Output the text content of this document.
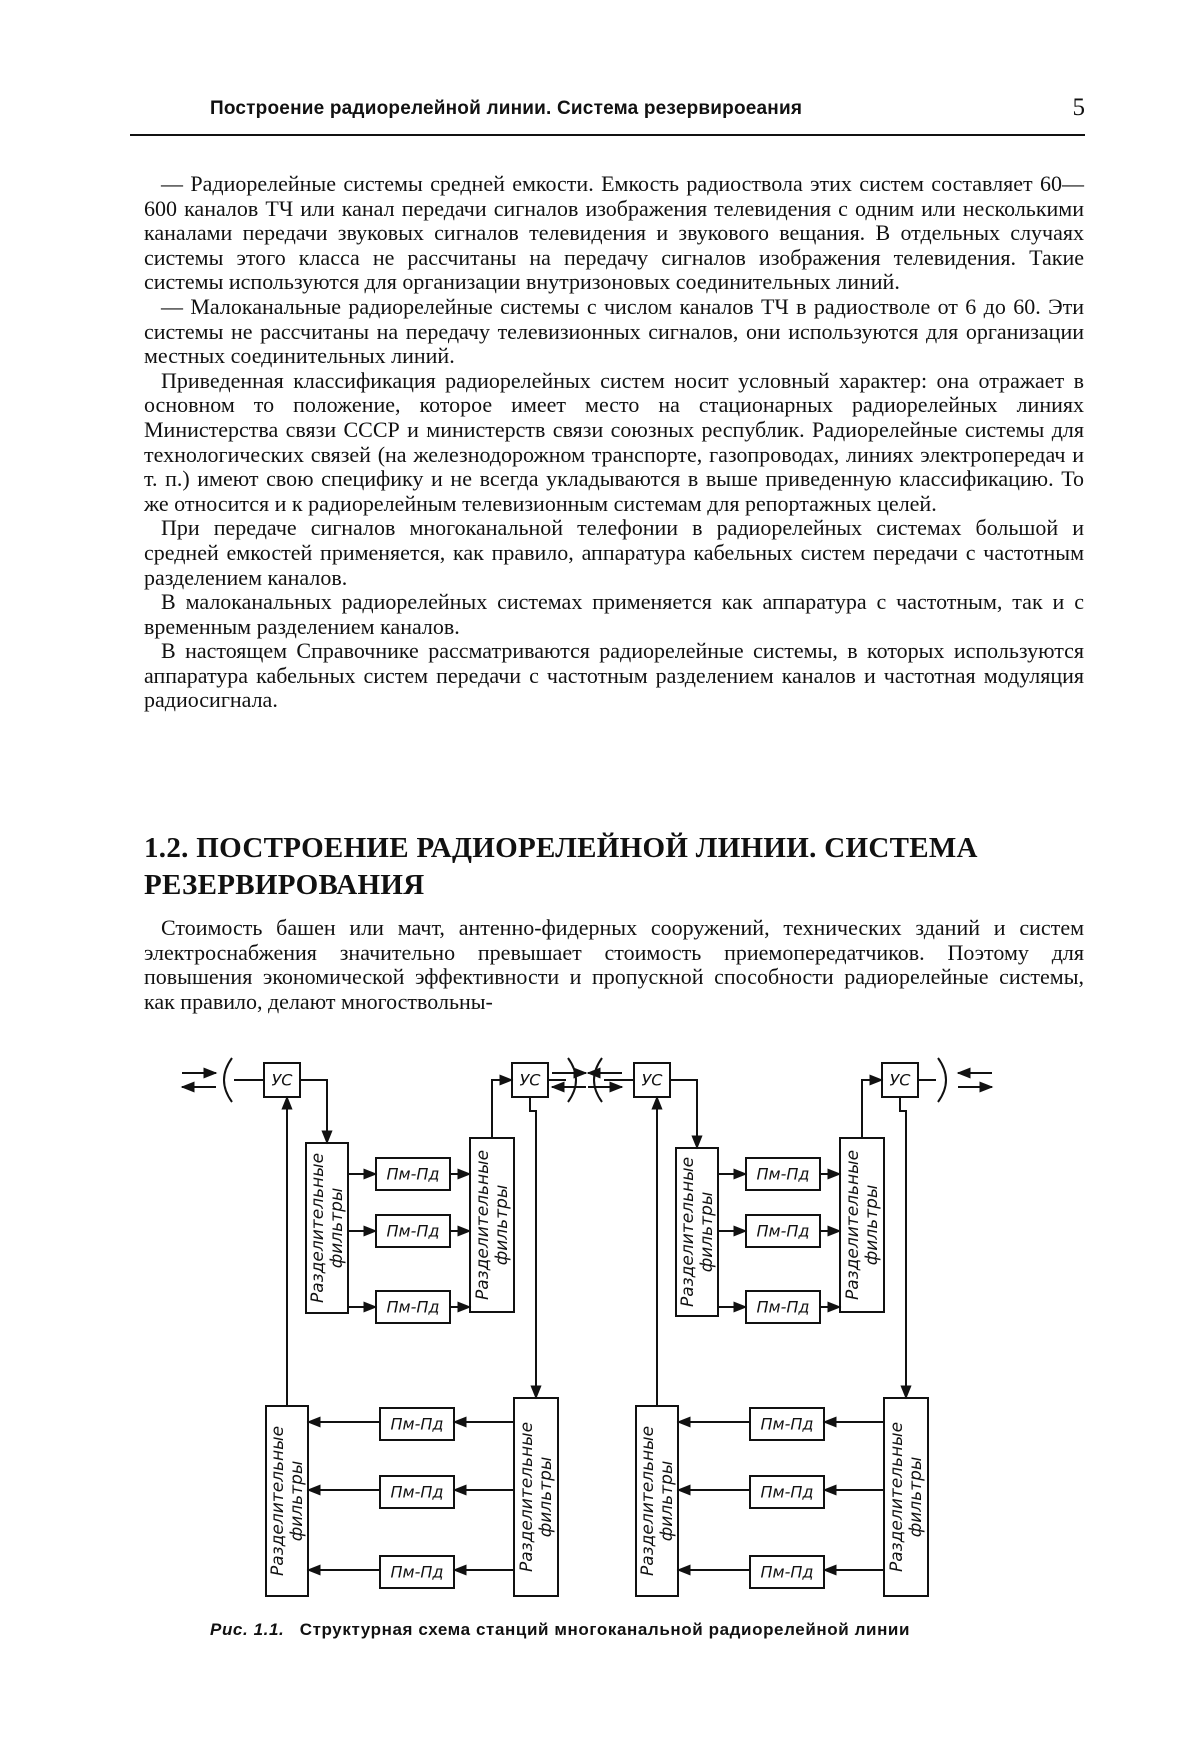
Построение радиорелейной линии. Система резервироеания	5

— Радиорелейные системы средней емкости. Емкость радиоствола этих систем составляет 60—600 каналов ТЧ или канал передачи сигналов изображения телевидения с одним или несколькими каналами передачи звуковых сигналов телевидения и звукового вещания. В отдельных случаях системы этого класса не рассчитаны на передачу сигналов изображения телевидения. Такие системы используются для организации внутризоновых соединительных линий.

— Малоканальные радиорелейные системы с числом каналов ТЧ в радиостволе от 6 до 60. Эти системы не рассчитаны на передачу телевизионных сигналов, они используются для организации местных соединительных линий.

Приведенная классификация радиорелейных систем носит условный характер: она отражает в основном то положение, которое имеет место на стационарных радиорелейных линиях Министерства связи СССР и министерств связи союзных республик. Радиорелейные системы для технологических связей (на железнодорожном транспорте, газопроводах, линиях электропередач и т. п.) имеют свою специфику и не всегда укладываются в выше приведенную классификацию. То же относится и к радиорелейным телевизионным системам для репортажных целей.

При передаче сигналов многоканальной телефонии в радиорелейных системах большой и средней емкостей применяется, как правило, аппаратура кабельных систем передачи с частотным разделением каналов.

В малоканальных радиорелейных системах применяется как аппаратура с частотным, так и с временным разделением каналов.

В настоящем Справочнике рассматриваются радиорелейные системы, в которых используются аппаратура кабельных систем передачи с частотным разделением каналов и частотная модуляция радиосигнала.

1.2. ПОСТРОЕНИЕ РАДИОРЕЛЕЙНОЙ ЛИНИИ. СИСТЕМА РЕЗЕРВИРОВАНИЯ

Стоимость башен или мачт, антенно-фидерных сооружений, технических зданий и систем электроснабжения значительно превышает стоимость приемопередатчиков. Поэтому для повышения экономической эффективности и пропускной способности радиорелейные системы, как правило, делают многоствольны-

УС	УС
Разделительныефильтры	Разделительныефильтры
Пм-Пд
Пм-Пд
Пм-Пд
Разделительныефильтры	Разделительныефильтры
Пм-Пд
Пм-Пд
Пм-Пд
УС	УС
Разделительныефильтры	Разделительныефильтры
Пм-Пд
Пм-Пд
Пм-Пд
Разделительныефильтры	Разделительныефильтры
Пм-Пд
Пм-Пд
Пм-Пд
Рис. 1.1. Структурная схема станций многоканальной радиорелейной линии
